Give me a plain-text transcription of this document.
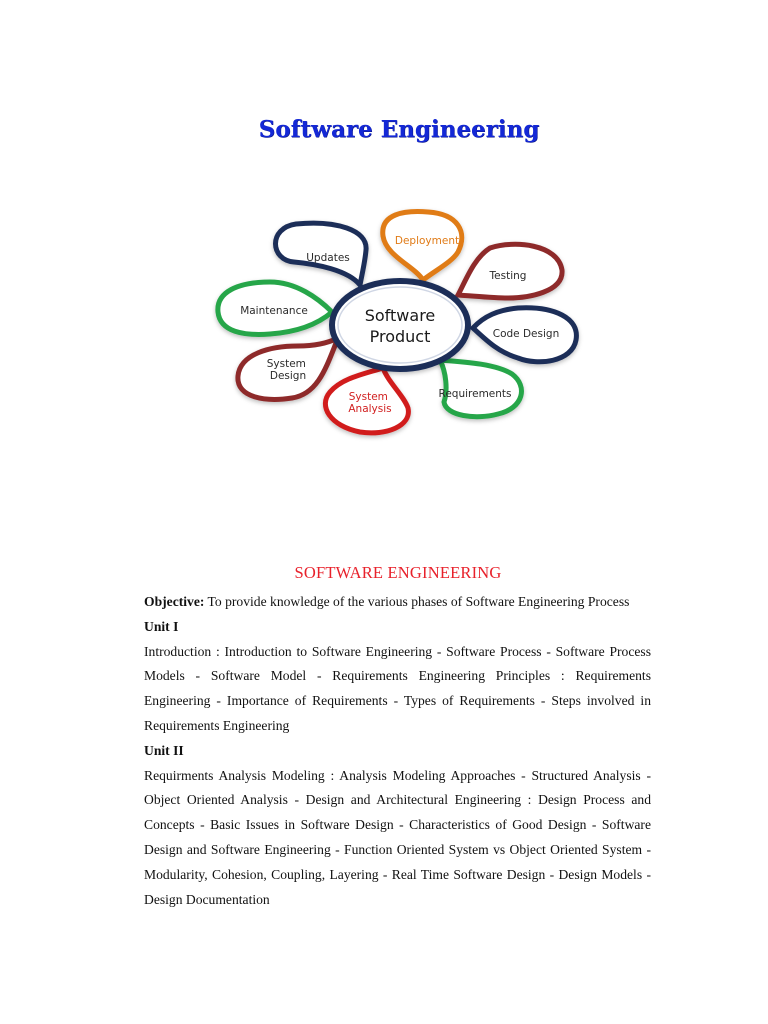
Software Engineering
Updates
Deployment
Testing
Code Design
Requirements
System Analysis
System Design
Maintenance	Software
Product
SOFTWARE ENGINEERING

Objective: To provide knowledge of the various phases of Software Engineering Process

Unit I

Introduction : Introduction to Software Engineering - Software Process - Software Process Models - Software Model - Requirements Engineering Principles : Requirements Engineering - Importance of Requirements - Types of Requirements - Steps involved in Requirements Engineering

Unit II

Requirments Analysis Modeling : Analysis Modeling Approaches - Structured Analysis - Object Oriented Analysis - Design and Architectural Engineering : Design Process and Concepts - Basic Issues in Software Design - Characteristics of Good Design - Software Design and Software Engineering - Function Oriented System vs Object Oriented System - Modularity, Cohesion, Coupling, Layering - Real Time Software Design - Design Models - Design Documentation
